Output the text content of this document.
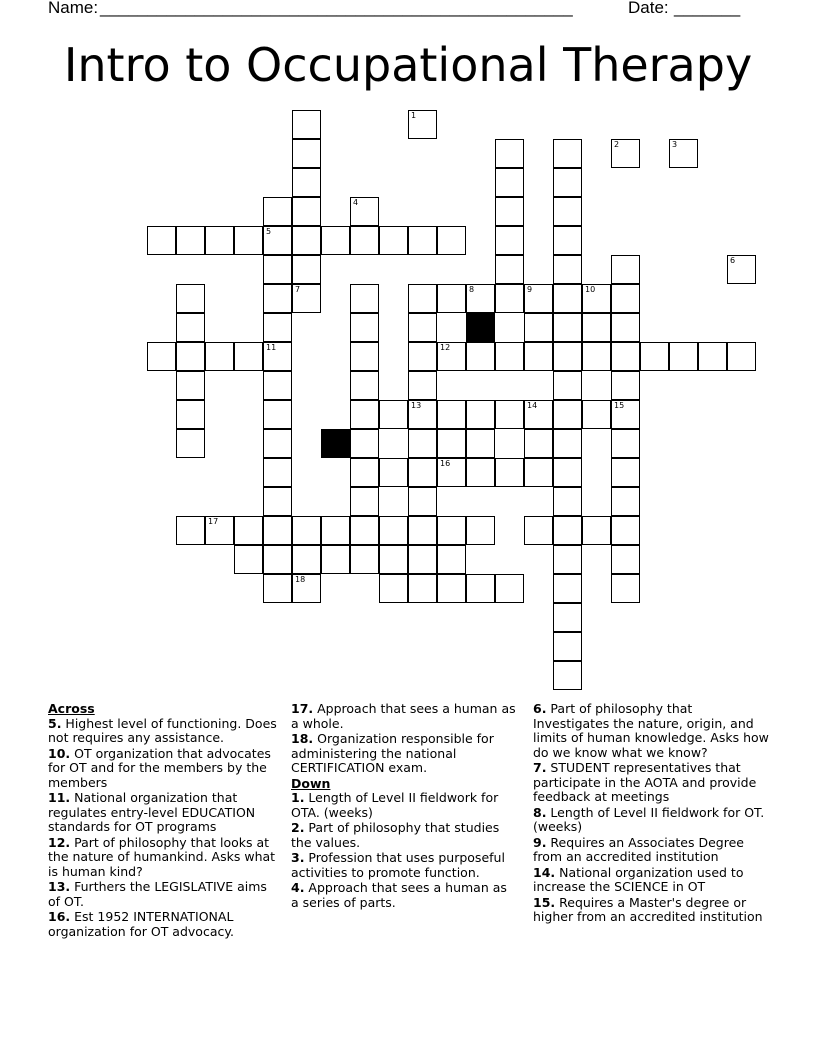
Name: __________________________________________________	Date: _______
Intro to Occupational Therapy
7
5
11
15
13
8	9	10
12
14
16
17
1
2	3
4
6
18
Across
5. Highest level of functioning. Does not requires any assistance.
10. OT organization that advocates for OT and for the members by the members
11. National organization that regulates entry-level EDUCATION standards for OT programs
12. Part of philosophy that looks at the nature of humankind. Asks what is human kind?
13. Furthers the LEGISLATIVE aims of OT.
16. Est 1952 INTERNATIONAL organization for OT advocacy.
17. Approach that sees a human as a whole.
18. Organization responsible for administering the national CERTIFICATION exam.
Down
1. Length of Level II fieldwork for OTA. (weeks)
2. Part of philosophy that studies the values.
3. Profession that uses purposeful activities to promote function.
4. Approach that sees a human as a series of parts.
6. Part of philosophy that Investigates the nature, origin, and limits of human knowledge. Asks how do we know what we know?
7. STUDENT representatives that participate in the AOTA and provide feedback at meetings
8. Length of Level II fieldwork for OT. (weeks)
9. Requires an Associates Degree from an accredited institution
14. National organization used to increase the SCIENCE in OT
15. Requires a Master's degree or higher from an accredited institution
